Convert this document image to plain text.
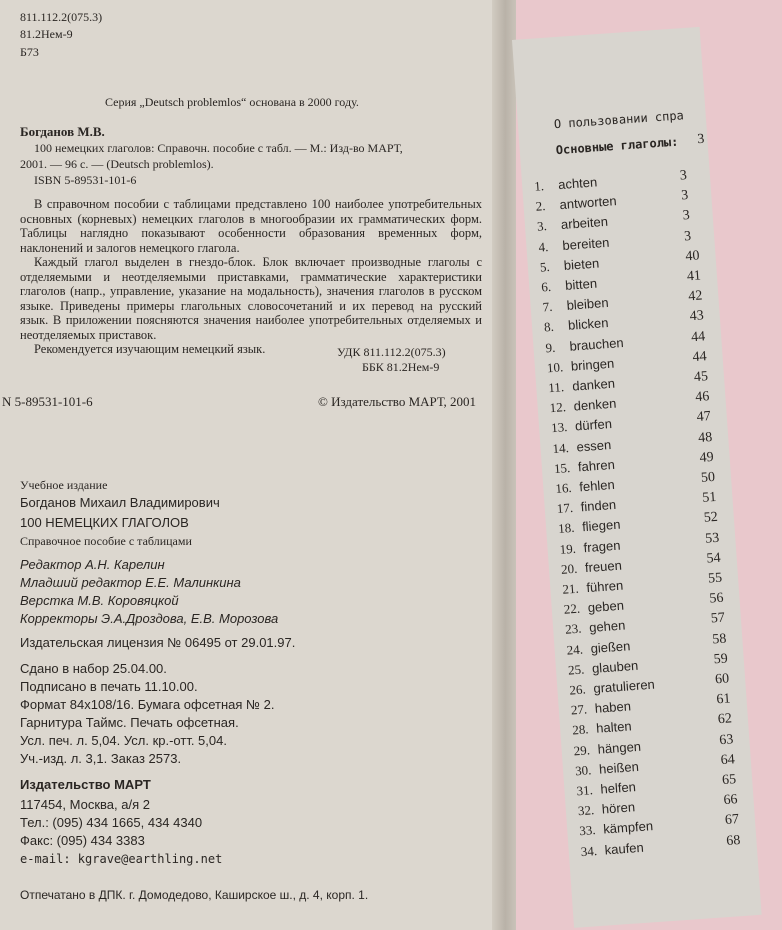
811.112.2(075.3)
81.2Нем-9
Б73
Серия „Deutsch problemlos“ основана в 2000 году.
Богданов М.В.
100 немецких глаголов: Справочн. пособие с табл. — М.: Изд-во МАРТ,
2001. — 96 с. — (Deutsch problemlos).
ISBN 5-89531-101-6

В справочном пособии с таблицами представлено 100 наиболее употребительных основных (корневых) немецких глаголов в многообразии их грамматических форм. Таблицы наглядно показывают особенности образования временных форм, наклонений и залогов немецкого глагола.

Каждый глагол выделен в гнездо-блок. Блок включает производные глаголы с отделяемыми и неотделяемыми приставками, грамматические характеристики глаголов (напр., управление, указание на модальность), значения глаголов в русском языке. Приведены примеры глагольных словосочетаний и их перевод на русский язык. В приложении поясняются значения наиболее употребительных отделяемых и неотделяемых приставок.

Рекомендуется изучающим немецкий язык.	УДК 811.112.2(075.3)
ББК 81.2Нем-9
N 5-89531-101-6	© Издательство МАРТ, 2001
Учебное издание
Богданов Михаил Владимирович
100 НЕМЕЦКИХ ГЛАГОЛОВ
Справочное пособие с таблицами
Редактор А.Н. Карелин
Младший редактор Е.Е. Малинкина
Верстка М.В. Коровяцкой
Корректоры Э.А.Дроздова, Е.В. Морозова
Издательская лицензия № 06495 от 29.01.97.
Сдано в набор 25.04.00.
Подписано в печать 11.10.00.
Формат 84x108/16. Бумага офсетная № 2.
Гарнитура Таймс. Печать офсетная.
Усл. печ. л. 5,04. Усл. кр.-отт. 5,04.
Уч.-изд. л. 3,1. Заказ 2573.
Издательство МАРТ
117454, Москва, а/я 2
Тел.: (095) 434 1665, 434 4340
Факс: (095) 434 3383
e-mail: kgrave@earthling.net
Отпечатано в ДПК. г. Домодедово, Каширское ш., д. 4, корп. 1.
О пользовании спра
Основные глаголы: 3
1. achten	3
2. antworten	3
3. arbeiten	3
4. bereiten	3
5. bieten	40
6. bitten	41
7. bleiben	42
8. blicken	43
9. brauchen	44
10. bringen	44
11. danken	45
12. denken	46
13. dürfen	47
14. essen	48
15. fahren	49
16. fehlen	50
17. finden	51
18. fliegen	52
19. fragen	53
20. freuen	54
21. führen	55
22. geben	56
23. gehen	57
24. gießen	58
25. glauben	59
26. gratulieren	60
27. haben	61
28. halten	62
29. hängen	63
30. heißen	64
31. helfen	65
32. hören	66
33. kämpfen	67
34. kaufen	68
